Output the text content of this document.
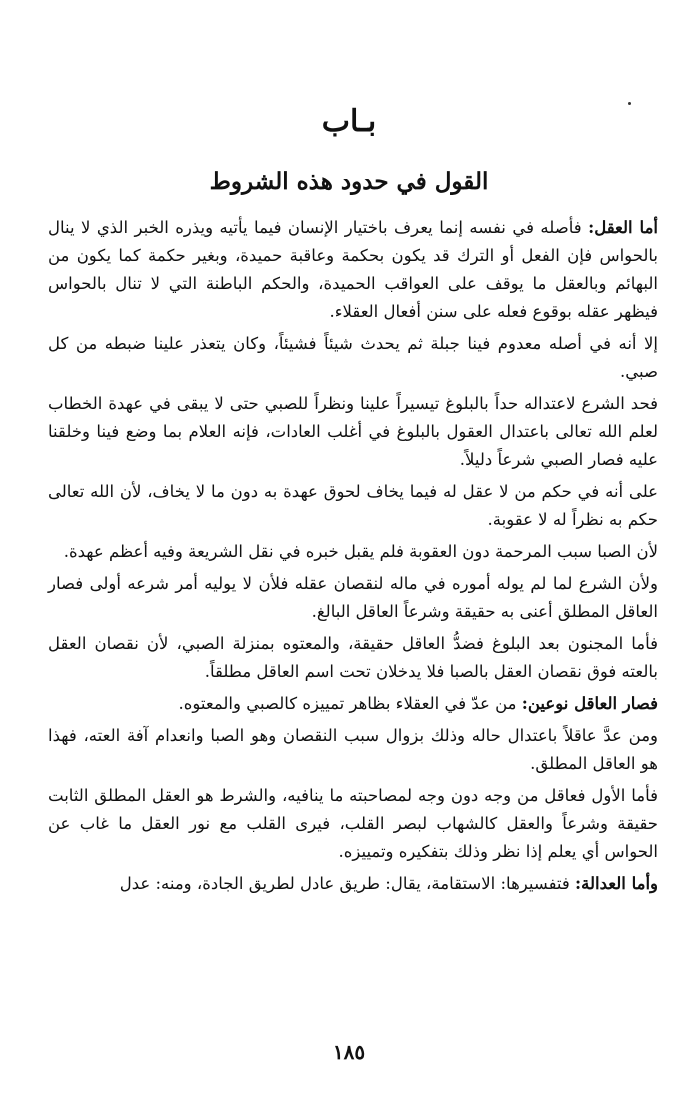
بـاب
القول في حدود هذه الشروط

أما العقل: فأصله في نفسه إنما يعرف باختيار الإنسان فيما يأتيه ويذره الخبر الذي لا ينال بالحواس فإن الفعل أو الترك قد يكون بحكمة وعاقبة حميدة، وبغير حكمة كما يكون من البهائم وبالعقل ما يوقف على العواقب الحميدة، والحكم الباطنة التي لا تنال بالحواس فيظهر عقله بوقوع فعله على سنن أفعال العقلاء.

إلا أنه في أصله معدوم فينا جبلة ثم يحدث شيئاً فشيئاً، وكان يتعذر علينا ضبطه من كل صبي.

فحد الشرع لاعتداله حداً بالبلوغ تيسيراً علينا ونظراً للصبي حتى لا يبقى في عهدة الخطاب لعلم الله تعالى باعتدال العقول بالبلوغ في أغلب العادات، فإنه العلام بما وضع فينا وخلقنا عليه فصار الصبي شرعاً دليلاً.

على أنه في حكم من لا عقل له فيما يخاف لحوق عهدة به دون ما لا يخاف، لأن الله تعالى حكم به نظراً له لا عقوبة.

لأن الصبا سبب المرحمة دون العقوبة فلم يقبل خبره في نقل الشريعة وفيه أعظم عهدة.

ولأن الشرع لما لم يوله أموره في ماله لنقصان عقله فلأن لا يوليه أمر شرعه أولى فصار العاقل المطلق أعنى به حقيقة وشرعاً العاقل البالغ.

فأما المجنون بعد البلوغ فضدُّ العاقل حقيقة، والمعتوه بمنزلة الصبي، لأن نقصان العقل بالعته فوق نقصان العقل بالصبا فلا يدخلان تحت اسم العاقل مطلقاً.

فصار العاقل نوعين: من عدّ في العقلاء بظاهر تمييزه كالصبي والمعتوه.

ومن عدَّ عاقلاً باعتدال حاله وذلك بزوال سبب النقصان وهو الصبا وانعدام آفة العته، فهذا هو العاقل المطلق.

فأما الأول فعاقل من وجه دون وجه لمصاحبته ما ينافيه، والشرط هو العقل المطلق الثابت حقيقة وشرعاً والعقل كالشهاب لبصر القلب، فيرى القلب مع نور العقل ما غاب عن الحواس أي يعلم إذا نظر وذلك بتفكيره وتمييزه.

وأما العدالة: فتفسيرها: الاستقامة، يقال: طريق عادل لطريق الجادة، ومنه: عدل

١٨٥
